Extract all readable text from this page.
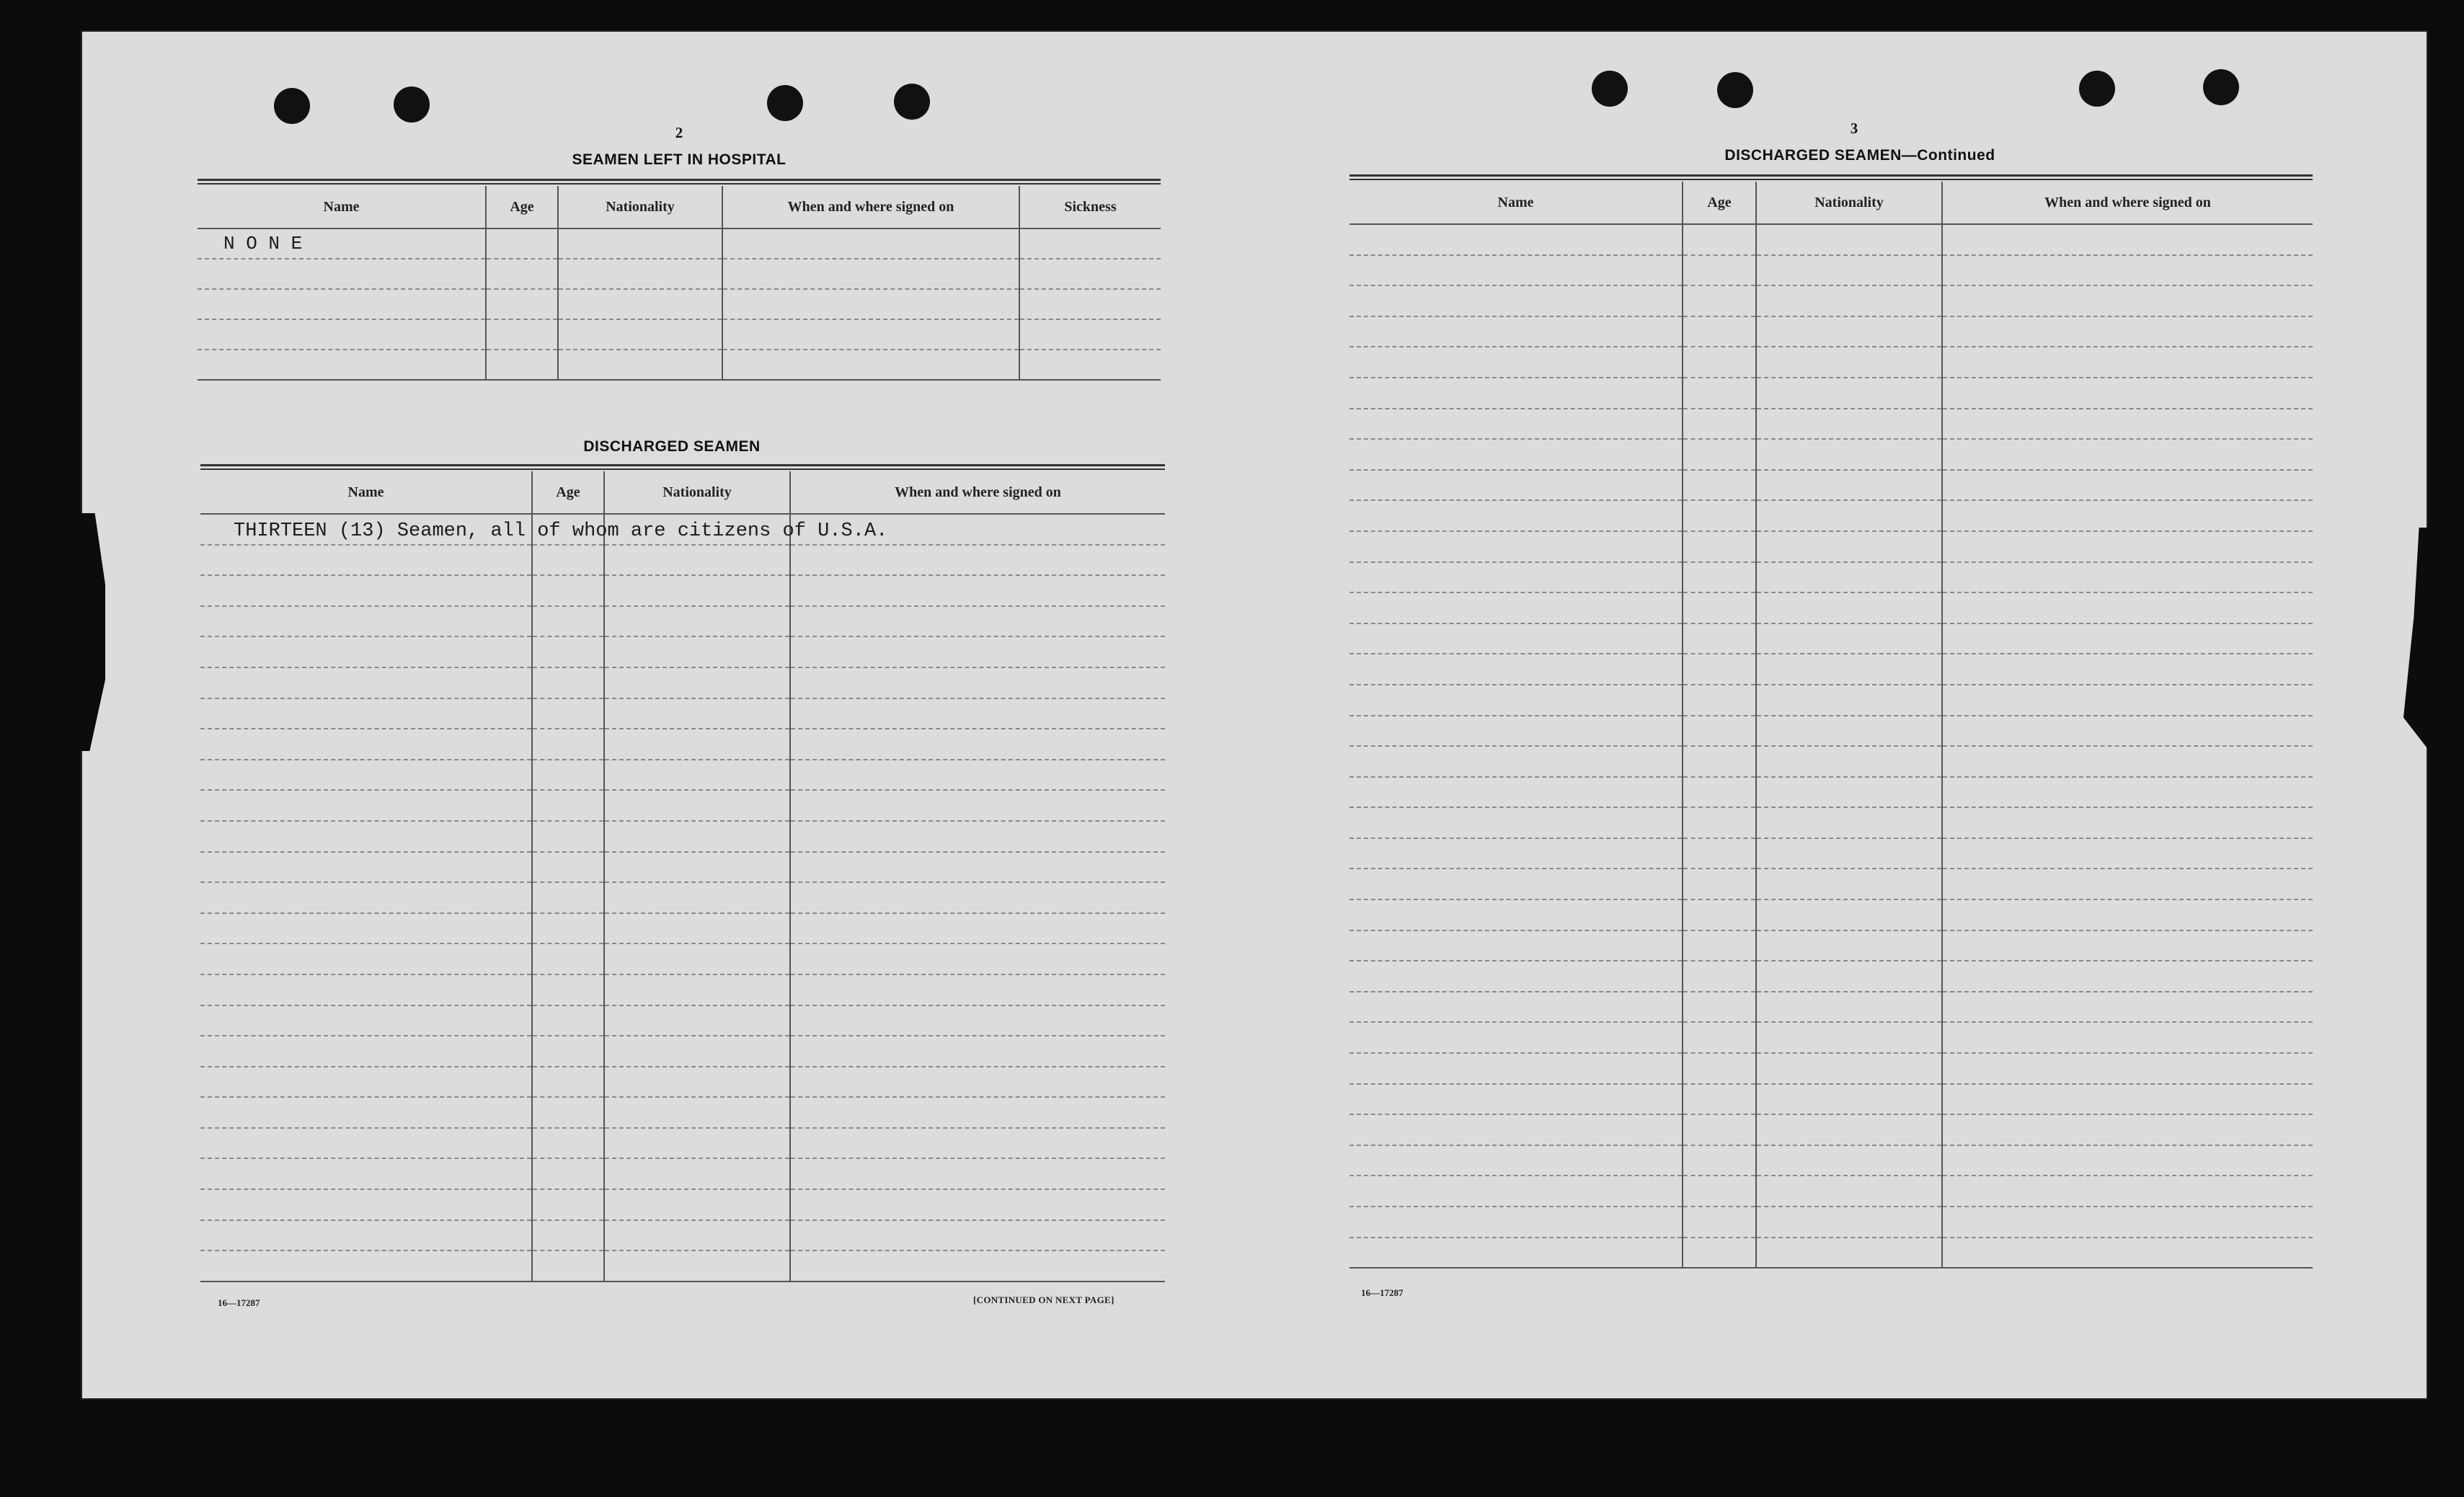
2
SEAMEN LEFT IN HOSPITAL
Name	Age	Nationality	When and where signed on	Sickness
N O N E				

DISCHARGED SEAMEN
Name	Age	Nationality	When and where signed on

THIRTEEN (13) Seamen, all of whom are citizens of U.S.A.
16—17287	[CONTINUED ON NEXT PAGE]
3
DISCHARGED SEAMEN—Continued
Name	Age	Nationality	When and where signed on

16—17287
